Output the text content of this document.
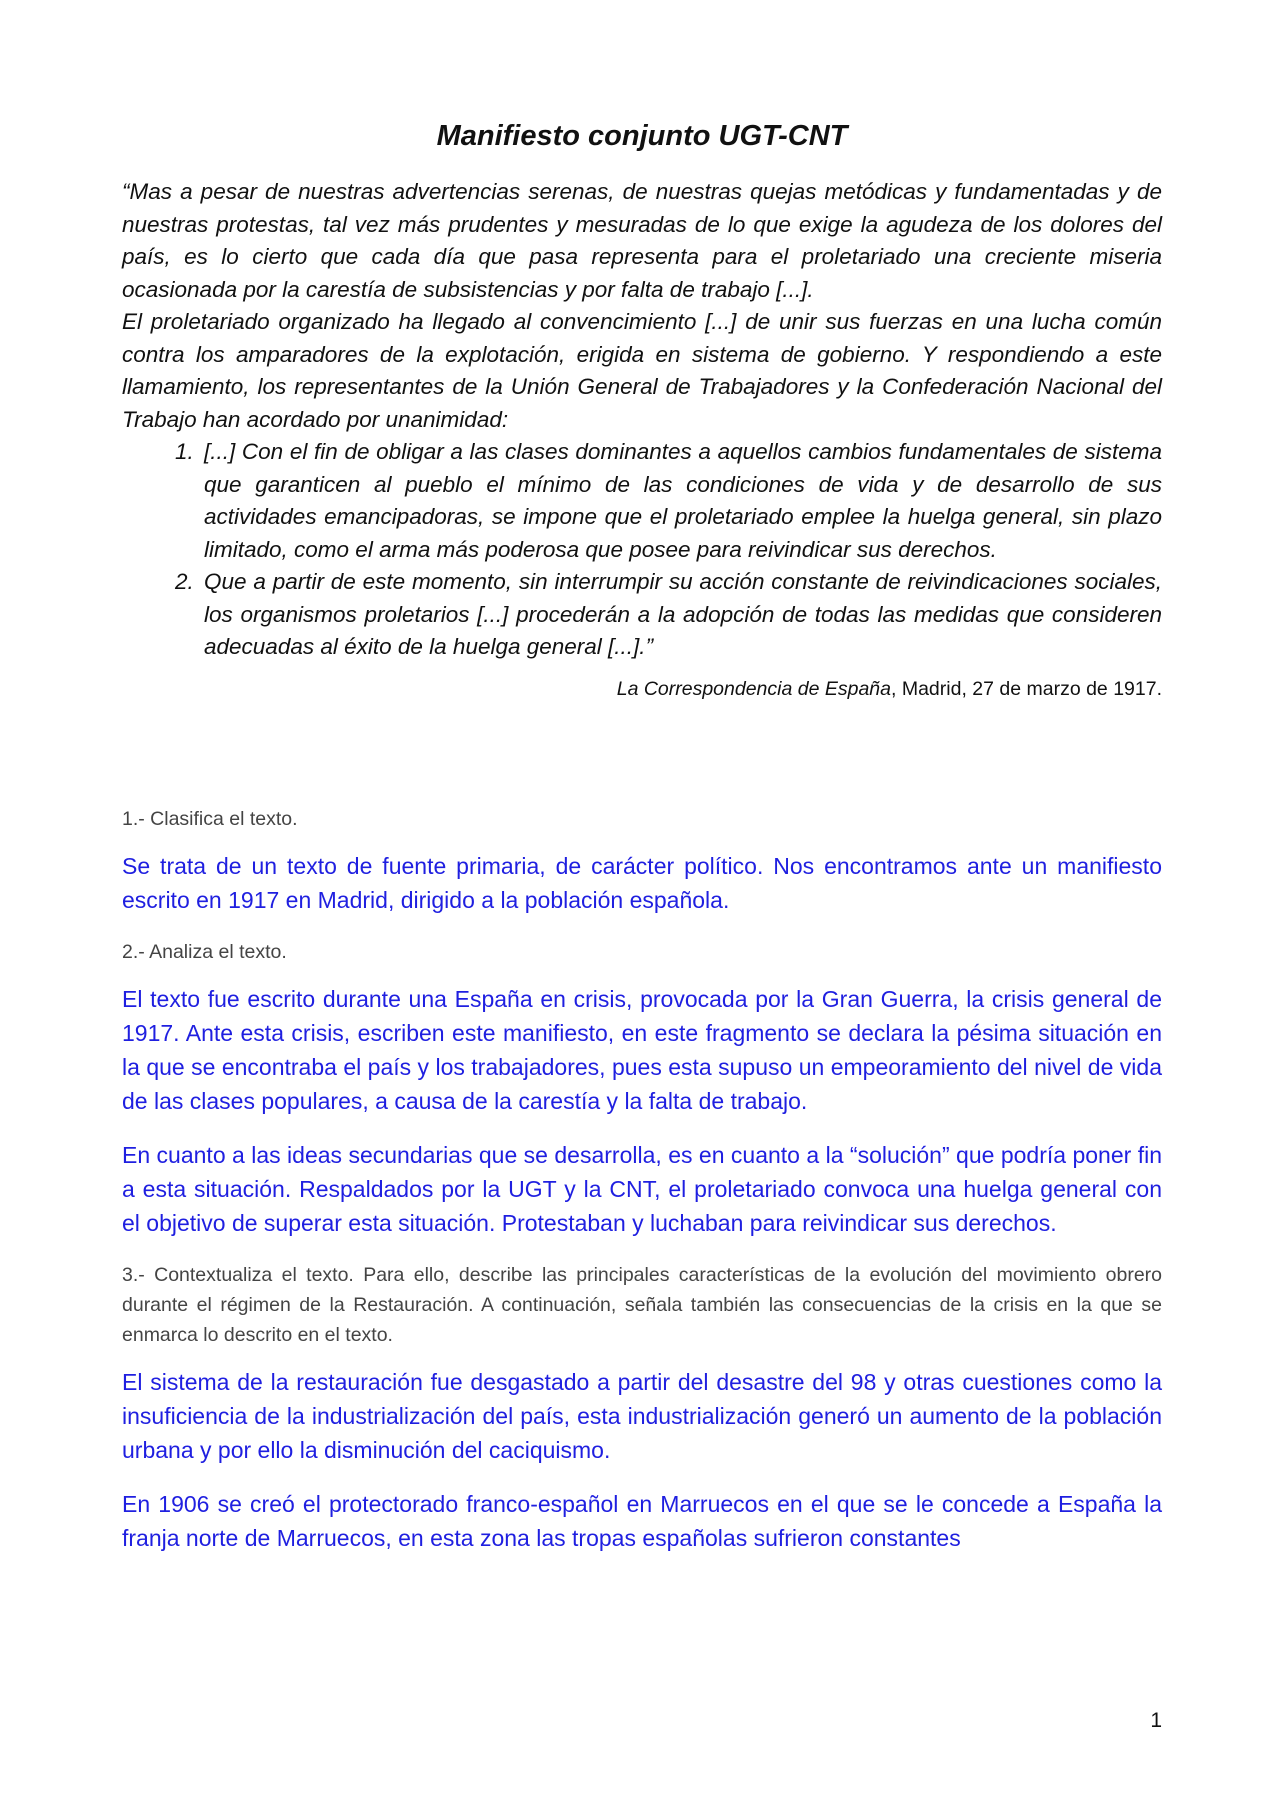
Manifiesto conjunto UGT-CNT

“Mas a pesar de nuestras advertencias serenas, de nuestras quejas metódicas y fundamentadas y de nuestras protestas, tal vez más prudentes y mesuradas de lo que exige la agudeza de los dolores del país, es lo cierto que cada día que pasa representa para el proletariado una creciente miseria ocasionada por la carestía de subsistencias y por falta de trabajo [...].

El proletariado organizado ha llegado al convencimiento [...] de unir sus fuerzas en una lucha común contra los amparadores de la explotación, erigida en sistema de gobierno. Y respondiendo a este llamamiento, los representantes de la Unión General de Trabajadores y la Confederación Nacional del Trabajo han acordado por unanimidad:

1. [...] Con el fin de obligar a las clases dominantes a aquellos cambios fundamentales de sistema que garanticen al pueblo el mínimo de las condiciones de vida y de desarrollo de sus actividades emancipadoras, se impone que el proletariado emplee la huelga general, sin plazo limitado, como el arma más poderosa que posee para reivindicar sus derechos.
2. Que a partir de este momento, sin interrumpir su acción constante de reivindicaciones sociales, los organismos proletarios [...] procederán a la adopción de todas las medidas que consideren adecuadas al éxito de la huelga general [...].”
La Correspondencia de España, Madrid, 27 de marzo de 1917.

1.- Clasifica el texto.

Se trata de un texto de fuente primaria, de carácter político. Nos encontramos ante un manifiesto escrito en 1917 en Madrid, dirigido a la población española.

2.- Analiza el texto.

El texto fue escrito durante una España en crisis, provocada por la Gran Guerra, la crisis general de 1917. Ante esta crisis, escriben este manifiesto, en este fragmento se declara la pésima situación en la que se encontraba el país y los trabajadores, pues esta supuso un empeoramiento del nivel de vida de las clases populares, a causa de la carestía y la falta de trabajo.

En cuanto a las ideas secundarias que se desarrolla, es en cuanto a la “solución” que podría poner fin a esta situación. Respaldados por la UGT y la CNT, el proletariado convoca una huelga general con el objetivo de superar esta situación. Protestaban y luchaban para reivindicar sus derechos.

3.- Contextualiza el texto. Para ello, describe las principales características de la evolución del movimiento obrero durante el régimen de la Restauración. A continuación, señala también las consecuencias de la crisis en la que se enmarca lo descrito en el texto.

El sistema de la restauración fue desgastado a partir del desastre del 98 y otras cuestiones como la insuficiencia de la industrialización del país, esta industrialización generó un aumento de la población urbana y por ello la disminución del caciquismo.

En 1906 se creó el protectorado franco-español en Marruecos en el que se le concede a España la franja norte de Marruecos, en esta zona las tropas españolas sufrieron constantes

1
